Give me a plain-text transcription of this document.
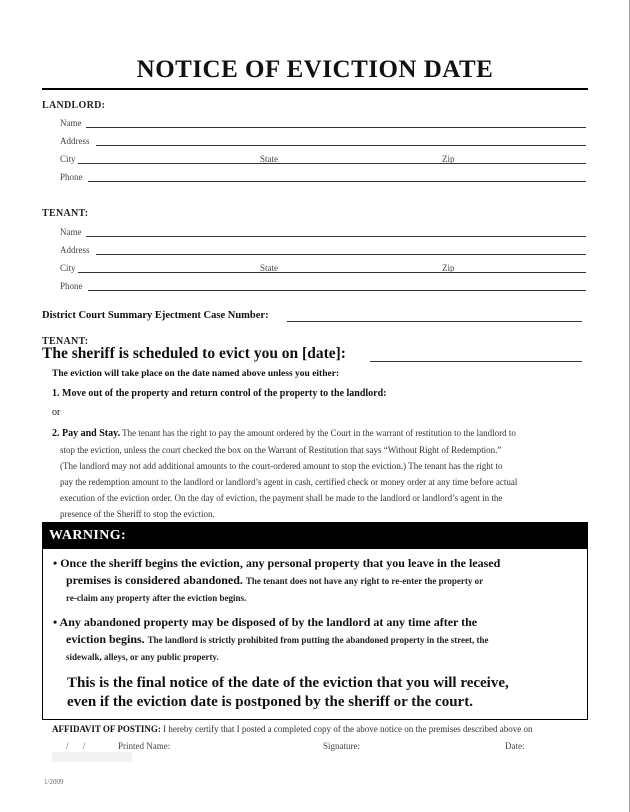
NOTICE OF EVICTION DATE
LANDLORD:
Name
Address
City	State	Zip
Phone
TENANT:
Name
Address
City	State	Zip
Phone
District Court Summary Ejectment Case Number:
TENANT:
The sheriff is scheduled to evict you on [date]:
The eviction will take place on the date named above unless you either:
1. Move out of the property and return control of the property to the landlord:
or
2. Pay and Stay. The tenant has the right to pay the amount ordered by the Court in the warrant of restitution to the landlord to
stop the eviction, unless the court checked the box on the Warrant of Restitution that says “Without Right of Redemption.”
(The landlord may not add additional amounts to the court-ordered amount to stop the eviction.) The tenant has the right to
pay the redemption amount to the landlord or landlord’s agent in cash, certified check or money order at any time before actual
execution of the eviction order. On the day of eviction, the payment shall be made to the landlord or landlord’s agent in the
presence of the Sheriff to stop the eviction.
WARNING:
• Once the sheriff begins the eviction, any personal property that you leave in the leased
premises is considered abandoned. The tenant does not have any right to re-enter the property or
re-claim any property after the eviction begins.
• Any abandoned property may be disposed of by the landlord at any time after the
eviction begins. The landlord is strictly prohibited from putting the abandoned property in the street, the
sidewalk, alleys, or any public property.
This is the final notice of the date of the eviction that you will receive,
even if the eviction date is postponed by the sheriff or the court.
AFFIDAVIT OF POSTING: I hereby certify that I posted a completed copy of the above notice on the premises described above on
/ /	Printed Name:	Signature:	Date:
1/2009
